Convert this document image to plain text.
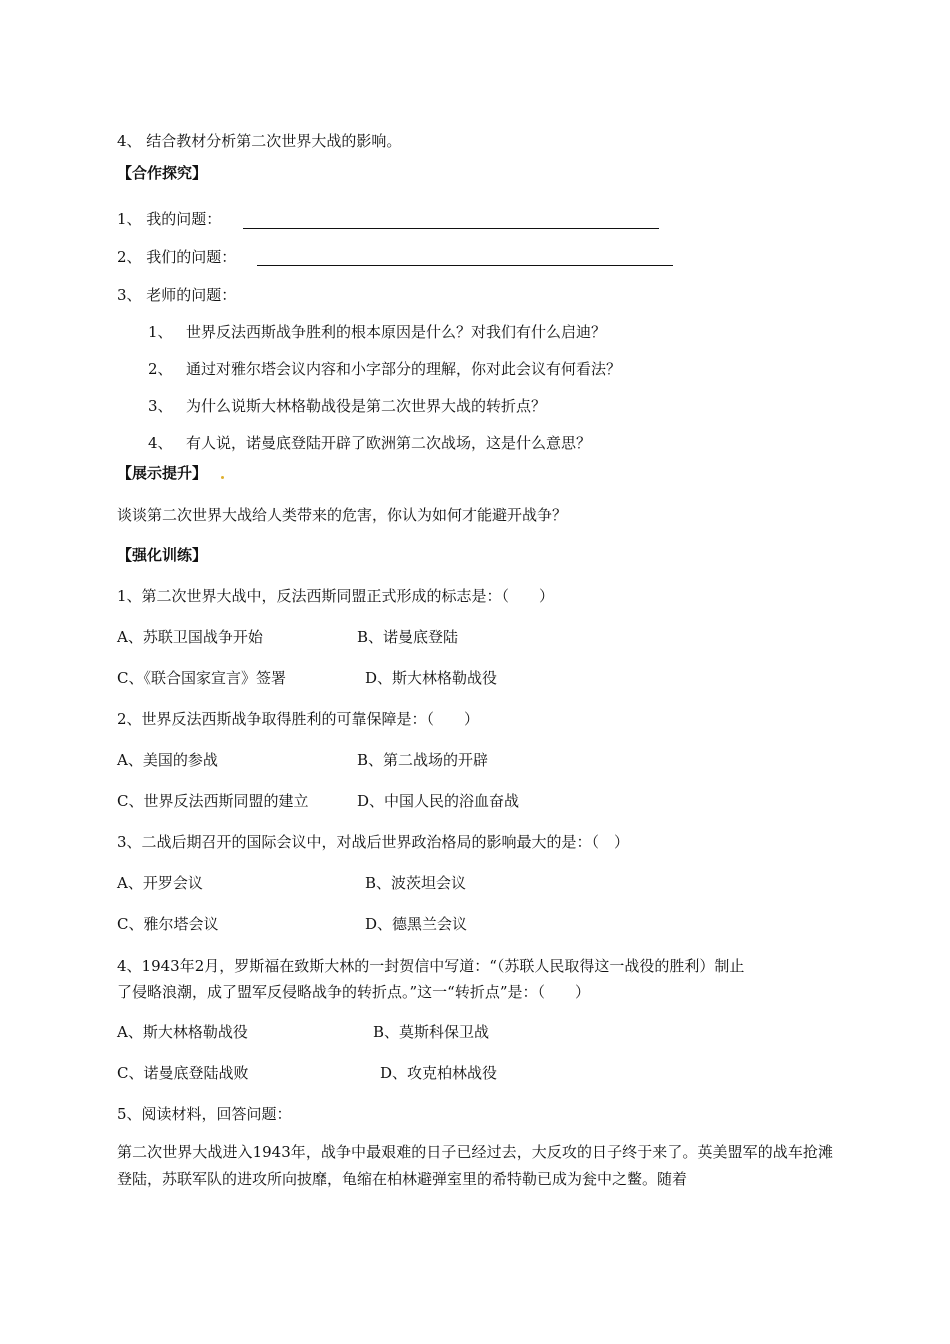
4、 结合教材分析第二次世界大战的影响。
【合作探究】
1、 我的问题：
2、 我们的问题：
3、 老师的问题：
1、 世界反法西斯战争胜利的根本原因是什么？对我们有什么启迪？
2、 通过对雅尔塔会议内容和小字部分的理解，你对此会议有何看法？
3、 为什么说斯大林格勒战役是第二次世界大战的转折点？
4、 有人说，诺曼底登陆开辟了欧洲第二次战场，这是什么意思？
【展示提升】
谈谈第二次世界大战给人类带来的危害，你认为如何才能避开战争？
【强化训练】
1、第二次世界大战中，反法西斯同盟正式形成的标志是：（　　）
A、苏联卫国战争开始	B、诺曼底登陆
C、《联合国家宣言》签署	D、斯大林格勒战役
2、世界反法西斯战争取得胜利的可靠保障是：（　　）
A、美国的参战	B、第二战场的开辟
C、世界反法西斯同盟的建立	D、中国人民的浴血奋战
3、二战后期召开的国际会议中，对战后世界政治格局的影响最大的是：（　）
A、开罗会议	B、波茨坦会议
C、雅尔塔会议	D、德黑兰会议
4、1943年2月，罗斯福在致斯大林的一封贺信中写道：“（苏联人民取得这一战役的胜利）制止
了侵略浪潮，成了盟军反侵略战争的转折点。”这一“转折点”是：（　　）
A、斯大林格勒战役	B、莫斯科保卫战
C、诺曼底登陆战败	D、攻克柏林战役
5、阅读材料，回答问题：
第二次世界大战进入1943年，战争中最艰难的日子已经过去，大反攻的日子终于来了。英美盟军的战车抢滩登陆，苏联军队的进攻所向披靡，龟缩在柏林避弹室里的希特勒已成为瓮中之鳖。随着
